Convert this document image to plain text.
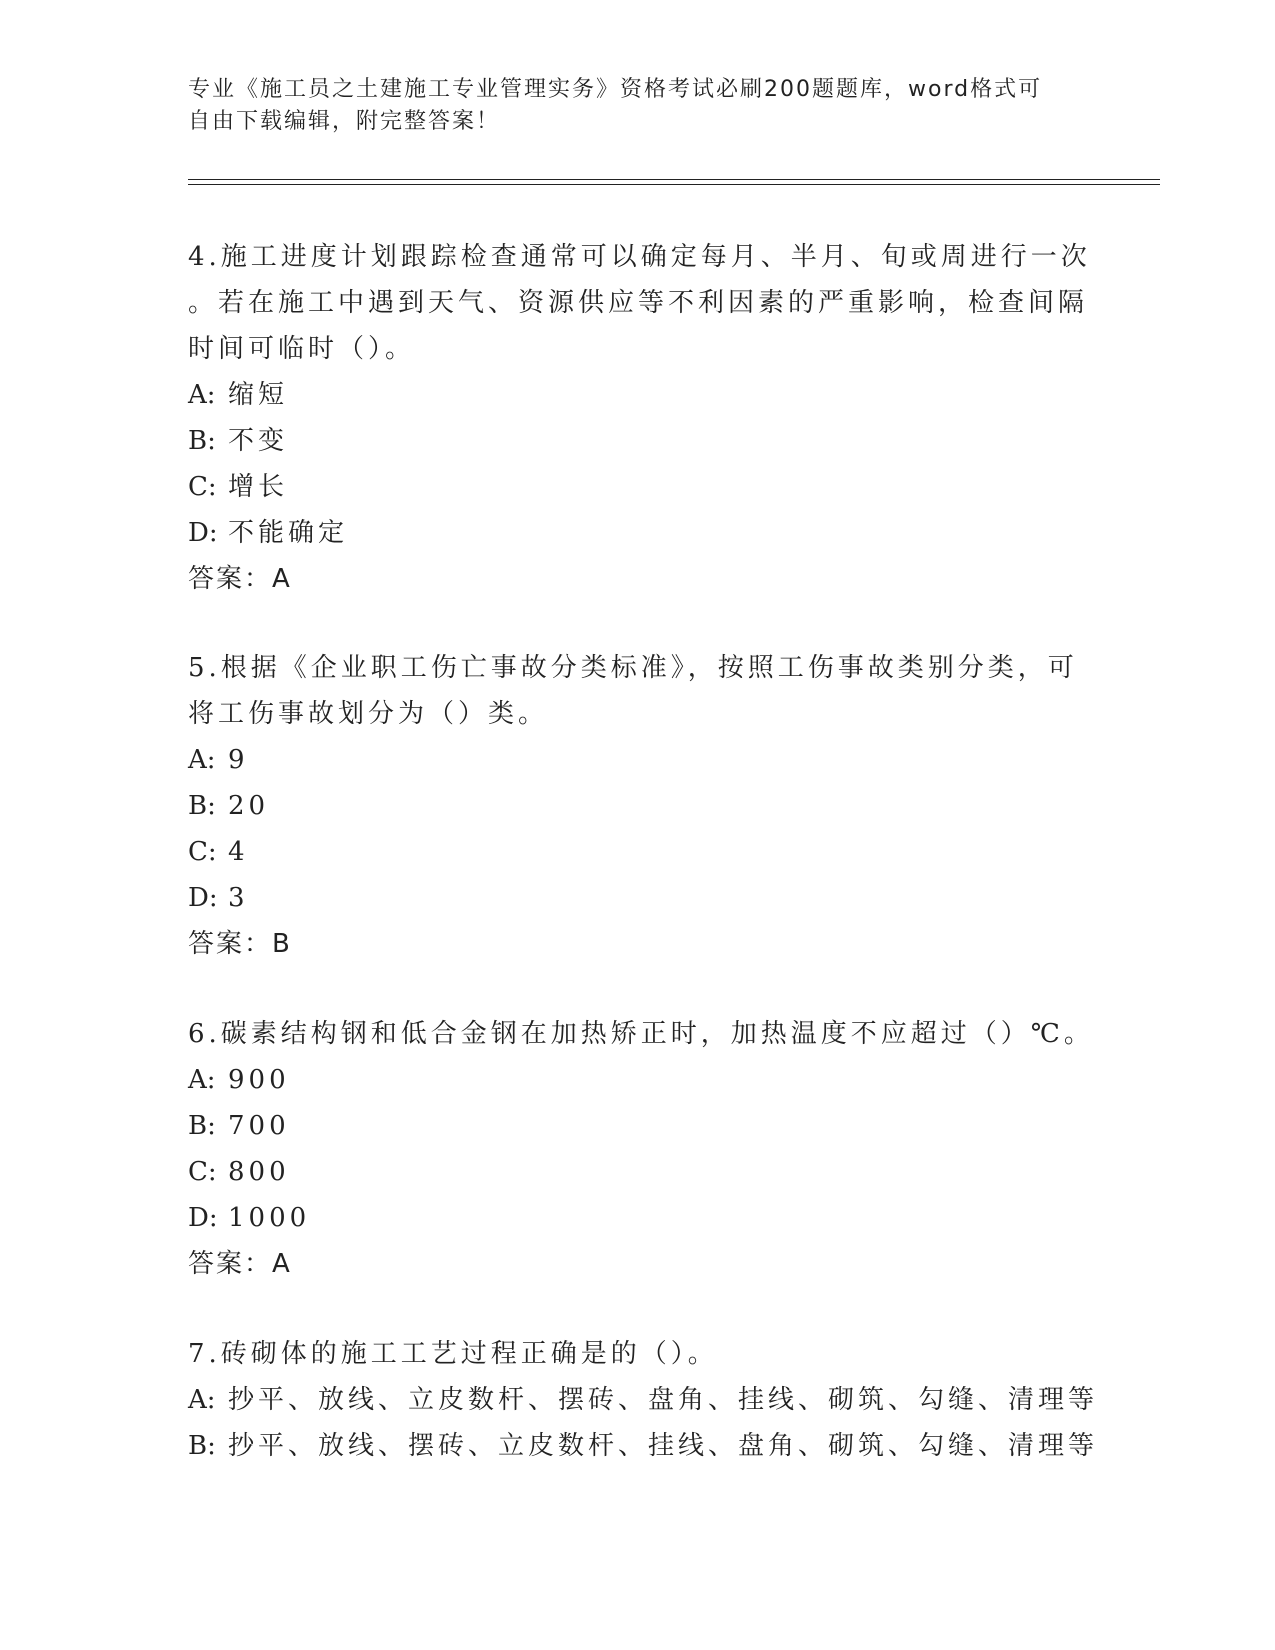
专业《施工员之土建施工专业管理实务》资格考试必刷200题题库，word格式可
自由下载编辑，附完整答案！
4.施工进度计划跟踪检查通常可以确定每月、半月、旬或周进行一次
。若在施工中遇到天气、资源供应等不利因素的严重影响，检查间隔
时间可临时（）。
A: 缩短
B: 不变
C: 增长
D: 不能确定
答案：A
5.根据《企业职工伤亡事故分类标准》，按照工伤事故类别分类，可
将工伤事故划分为（）类。
A: 9
B: 20
C: 4
D: 3
答案：B
6.碳素结构钢和低合金钢在加热矫正时，加热温度不应超过（）℃。
A: 900
B: 700
C: 800
D: 1000
答案：A
7.砖砌体的施工工艺过程正确是的（）。
A: 抄平、放线、立皮数杆、摆砖、盘角、挂线、砌筑、勾缝、清理等
B: 抄平、放线、摆砖、立皮数杆、挂线、盘角、砌筑、勾缝、清理等
